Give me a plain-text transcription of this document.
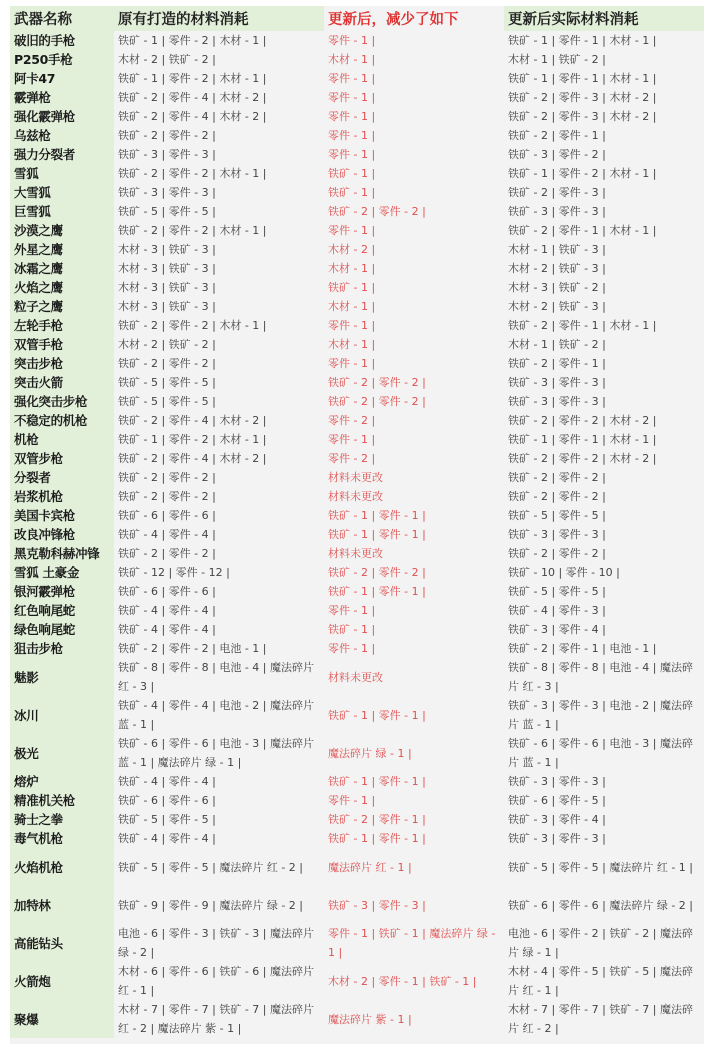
武器名称	原有打造的材料消耗	更新后，减少了如下	更新后实际材料消耗
破旧的手枪	铁矿 - 1 | 零件 - 2 | 木材 - 1 |	零件 - 1 |	铁矿 - 1 | 零件 - 1 | 木材 - 1 |
P250手枪	木材 - 2 | 铁矿 - 2 |	木材 - 1 |	木材 - 1 | 铁矿 - 2 |
阿卡47	铁矿 - 1 | 零件 - 2 | 木材 - 1 |	零件 - 1 |	铁矿 - 1 | 零件 - 1 | 木材 - 1 |
霰弹枪	铁矿 - 2 | 零件 - 4 | 木材 - 2 |	零件 - 1 |	铁矿 - 2 | 零件 - 3 | 木材 - 2 |
强化霰弹枪	铁矿 - 2 | 零件 - 4 | 木材 - 2 |	零件 - 1 |	铁矿 - 2 | 零件 - 3 | 木材 - 2 |
乌兹枪	铁矿 - 2 | 零件 - 2 |	零件 - 1 |	铁矿 - 2 | 零件 - 1 |
强力分裂者	铁矿 - 3 | 零件 - 3 |	零件 - 1 |	铁矿 - 3 | 零件 - 2 |
雪狐	铁矿 - 2 | 零件 - 2 | 木材 - 1 |	铁矿 - 1 |	铁矿 - 1 | 零件 - 2 | 木材 - 1 |
大雪狐	铁矿 - 3 | 零件 - 3 |	铁矿 - 1 |	铁矿 - 2 | 零件 - 3 |
巨雪狐	铁矿 - 5 | 零件 - 5 |	铁矿 - 2 | 零件 - 2 |	铁矿 - 3 | 零件 - 3 |
沙漠之鹰	铁矿 - 2 | 零件 - 2 | 木材 - 1 |	零件 - 1 |	铁矿 - 2 | 零件 - 1 | 木材 - 1 |
外星之鹰	木材 - 3 | 铁矿 - 3 |	木材 - 2 |	木材 - 1 | 铁矿 - 3 |
冰霜之鹰	木材 - 3 | 铁矿 - 3 |	木材 - 1 |	木材 - 2 | 铁矿 - 3 |
火焰之鹰	木材 - 3 | 铁矿 - 3 |	铁矿 - 1 |	木材 - 3 | 铁矿 - 2 |
粒子之鹰	木材 - 3 | 铁矿 - 3 |	木材 - 1 |	木材 - 2 | 铁矿 - 3 |
左轮手枪	铁矿 - 2 | 零件 - 2 | 木材 - 1 |	零件 - 1 |	铁矿 - 2 | 零件 - 1 | 木材 - 1 |
双管手枪	木材 - 2 | 铁矿 - 2 |	木材 - 1 |	木材 - 1 | 铁矿 - 2 |
突击步枪	铁矿 - 2 | 零件 - 2 |	零件 - 1 |	铁矿 - 2 | 零件 - 1 |
突击火箭	铁矿 - 5 | 零件 - 5 |	铁矿 - 2 | 零件 - 2 |	铁矿 - 3 | 零件 - 3 |
强化突击步枪	铁矿 - 5 | 零件 - 5 |	铁矿 - 2 | 零件 - 2 |	铁矿 - 3 | 零件 - 3 |
不稳定的机枪	铁矿 - 2 | 零件 - 4 | 木材 - 2 |	零件 - 2 |	铁矿 - 2 | 零件 - 2 | 木材 - 2 |
机枪	铁矿 - 1 | 零件 - 2 | 木材 - 1 |	零件 - 1 |	铁矿 - 1 | 零件 - 1 | 木材 - 1 |
双管步枪	铁矿 - 2 | 零件 - 4 | 木材 - 2 |	零件 - 2 |	铁矿 - 2 | 零件 - 2 | 木材 - 2 |
分裂者	铁矿 - 2 | 零件 - 2 |	材料未更改	铁矿 - 2 | 零件 - 2 |
岩浆机枪	铁矿 - 2 | 零件 - 2 |	材料未更改	铁矿 - 2 | 零件 - 2 |
美国卡宾枪	铁矿 - 6 | 零件 - 6 |	铁矿 - 1 | 零件 - 1 |	铁矿 - 5 | 零件 - 5 |
改良冲锋枪	铁矿 - 4 | 零件 - 4 |	铁矿 - 1 | 零件 - 1 |	铁矿 - 3 | 零件 - 3 |
黑克勒科赫冲锋	铁矿 - 2 | 零件 - 2 |	材料未更改	铁矿 - 2 | 零件 - 2 |
雪狐 土豪金	铁矿 - 12 | 零件 - 12 |	铁矿 - 2 | 零件 - 2 |	铁矿 - 10 | 零件 - 10 |
银河霰弹枪	铁矿 - 6 | 零件 - 6 |	铁矿 - 1 | 零件 - 1 |	铁矿 - 5 | 零件 - 5 |
红色响尾蛇	铁矿 - 4 | 零件 - 4 |	零件 - 1 |	铁矿 - 4 | 零件 - 3 |
绿色响尾蛇	铁矿 - 4 | 零件 - 4 |	铁矿 - 1 |	铁矿 - 3 | 零件 - 4 |
狙击步枪	铁矿 - 2 | 零件 - 2 | 电池 - 1 |	零件 - 1 |	铁矿 - 2 | 零件 - 1 | 电池 - 1 |
魅影	铁矿 - 8 | 零件 - 8 | 电池 - 4 | 魔法碎片 红 - 3 |	材料未更改	铁矿 - 8 | 零件 - 8 | 电池 - 4 | 魔法碎片 红 - 3 |
冰川	铁矿 - 4 | 零件 - 4 | 电池 - 2 | 魔法碎片 蓝 - 1 |	铁矿 - 1 | 零件 - 1 |	铁矿 - 3 | 零件 - 3 | 电池 - 2 | 魔法碎片 蓝 - 1 |
极光	铁矿 - 6 | 零件 - 6 | 电池 - 3 | 魔法碎片 蓝 - 1 | 魔法碎片 绿 - 1 |	魔法碎片 绿 - 1 |	铁矿 - 6 | 零件 - 6 | 电池 - 3 | 魔法碎片 蓝 - 1 |
熔炉	铁矿 - 4 | 零件 - 4 |	铁矿 - 1 | 零件 - 1 |	铁矿 - 3 | 零件 - 3 |
精准机关枪	铁矿 - 6 | 零件 - 6 |	零件 - 1 |	铁矿 - 6 | 零件 - 5 |
骑士之拳	铁矿 - 5 | 零件 - 5 |	铁矿 - 2 | 零件 - 1 |	铁矿 - 3 | 零件 - 4 |
毒气机枪	铁矿 - 4 | 零件 - 4 |	铁矿 - 1 | 零件 - 1 |	铁矿 - 3 | 零件 - 3 |
火焰机枪	铁矿 - 5 | 零件 - 5 | 魔法碎片 红 - 2 |	魔法碎片 红 - 1 |	铁矿 - 5 | 零件 - 5 | 魔法碎片 红 - 1 |
加特林	铁矿 - 9 | 零件 - 9 | 魔法碎片 绿 - 2 |	铁矿 - 3 | 零件 - 3 |	铁矿 - 6 | 零件 - 6 | 魔法碎片 绿 - 2 |
高能钻头	电池 - 6 | 零件 - 3 | 铁矿 - 3 | 魔法碎片 绿 - 2 |	零件 - 1 | 铁矿 - 1 | 魔法碎片 绿 - 1 |	电池 - 6 | 零件 - 2 | 铁矿 - 2 | 魔法碎片 绿 - 1 |
火箭炮	木材 - 6 | 零件 - 6 | 铁矿 - 6 | 魔法碎片 红 - 1 |	木材 - 2 | 零件 - 1 | 铁矿 - 1 |	木材 - 4 | 零件 - 5 | 铁矿 - 5 | 魔法碎片 红 - 1 |
聚爆	木材 - 7 | 零件 - 7 | 铁矿 - 7 | 魔法碎片 红 - 2 | 魔法碎片 紫 - 1 |	魔法碎片 紫 - 1 |	木材 - 7 | 零件 - 7 | 铁矿 - 7 | 魔法碎片 红 - 2 |
